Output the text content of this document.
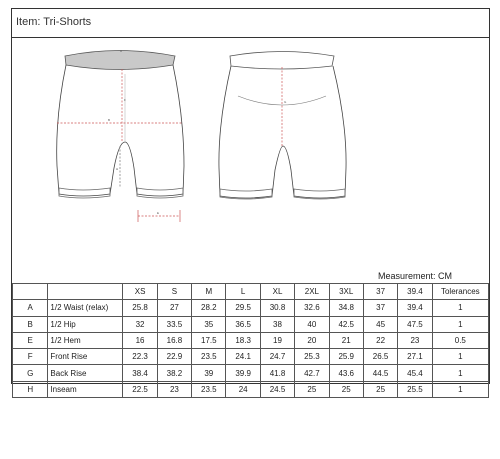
Item: Tri-Shorts
A
F
B
H
E
G
Measurement: CM
		XS	S	M	L	XL	2XL	3XL	37	39.4	Tolerances
A	1/2 Waist (relax)	25.8	27	28.2	29.5	30.8	32.6	34.8	37	39.4	1
B	1/2 Hip	32	33.5	35	36.5	38	40	42.5	45	47.5	1
E	1/2 Hem	16	16.8	17.5	18.3	19	20	21	22	23	0.5
F	Front Rise	22.3	22.9	23.5	24.1	24.7	25.3	25.9	26.5	27.1	1
G	Back Rise	38.4	38.2	39	39.9	41.8	42.7	43.6	44.5	45.4	1
H	Inseam	22.5	23	23.5	24	24.5	25	25	25	25.5	1
